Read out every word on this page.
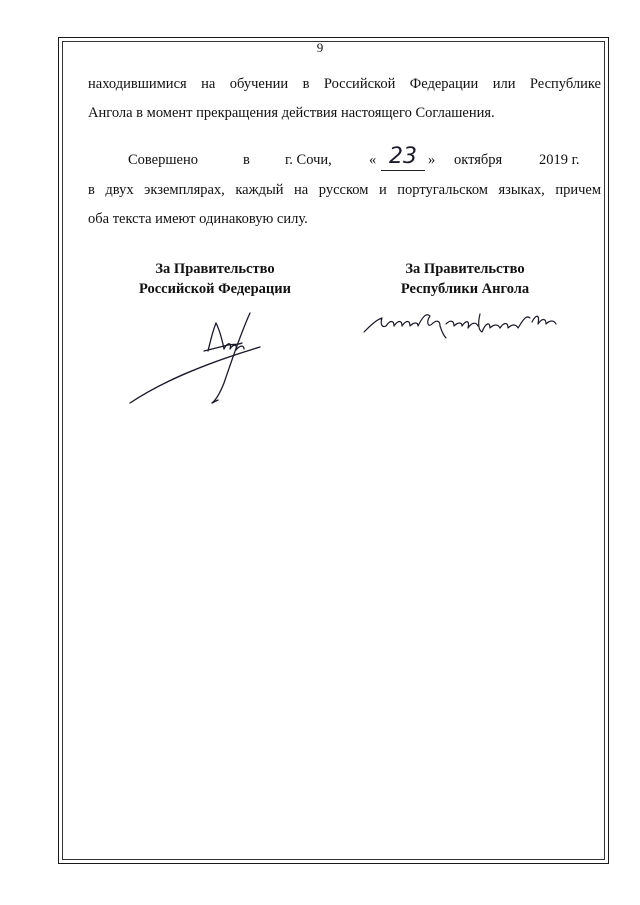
9
находившимися на обучении в Российской Федерации или Республике
Ангола в момент прекращения действия настоящего Соглашения.
Совершено	в г. Сочи,	« 23 » октября	2019 г.
в двух экземплярах, каждый на русском и португальском языках, причем
оба текста имеют одинаковую силу.
За Правительство
Российской Федерации
За Правительство
Республики Ангола
